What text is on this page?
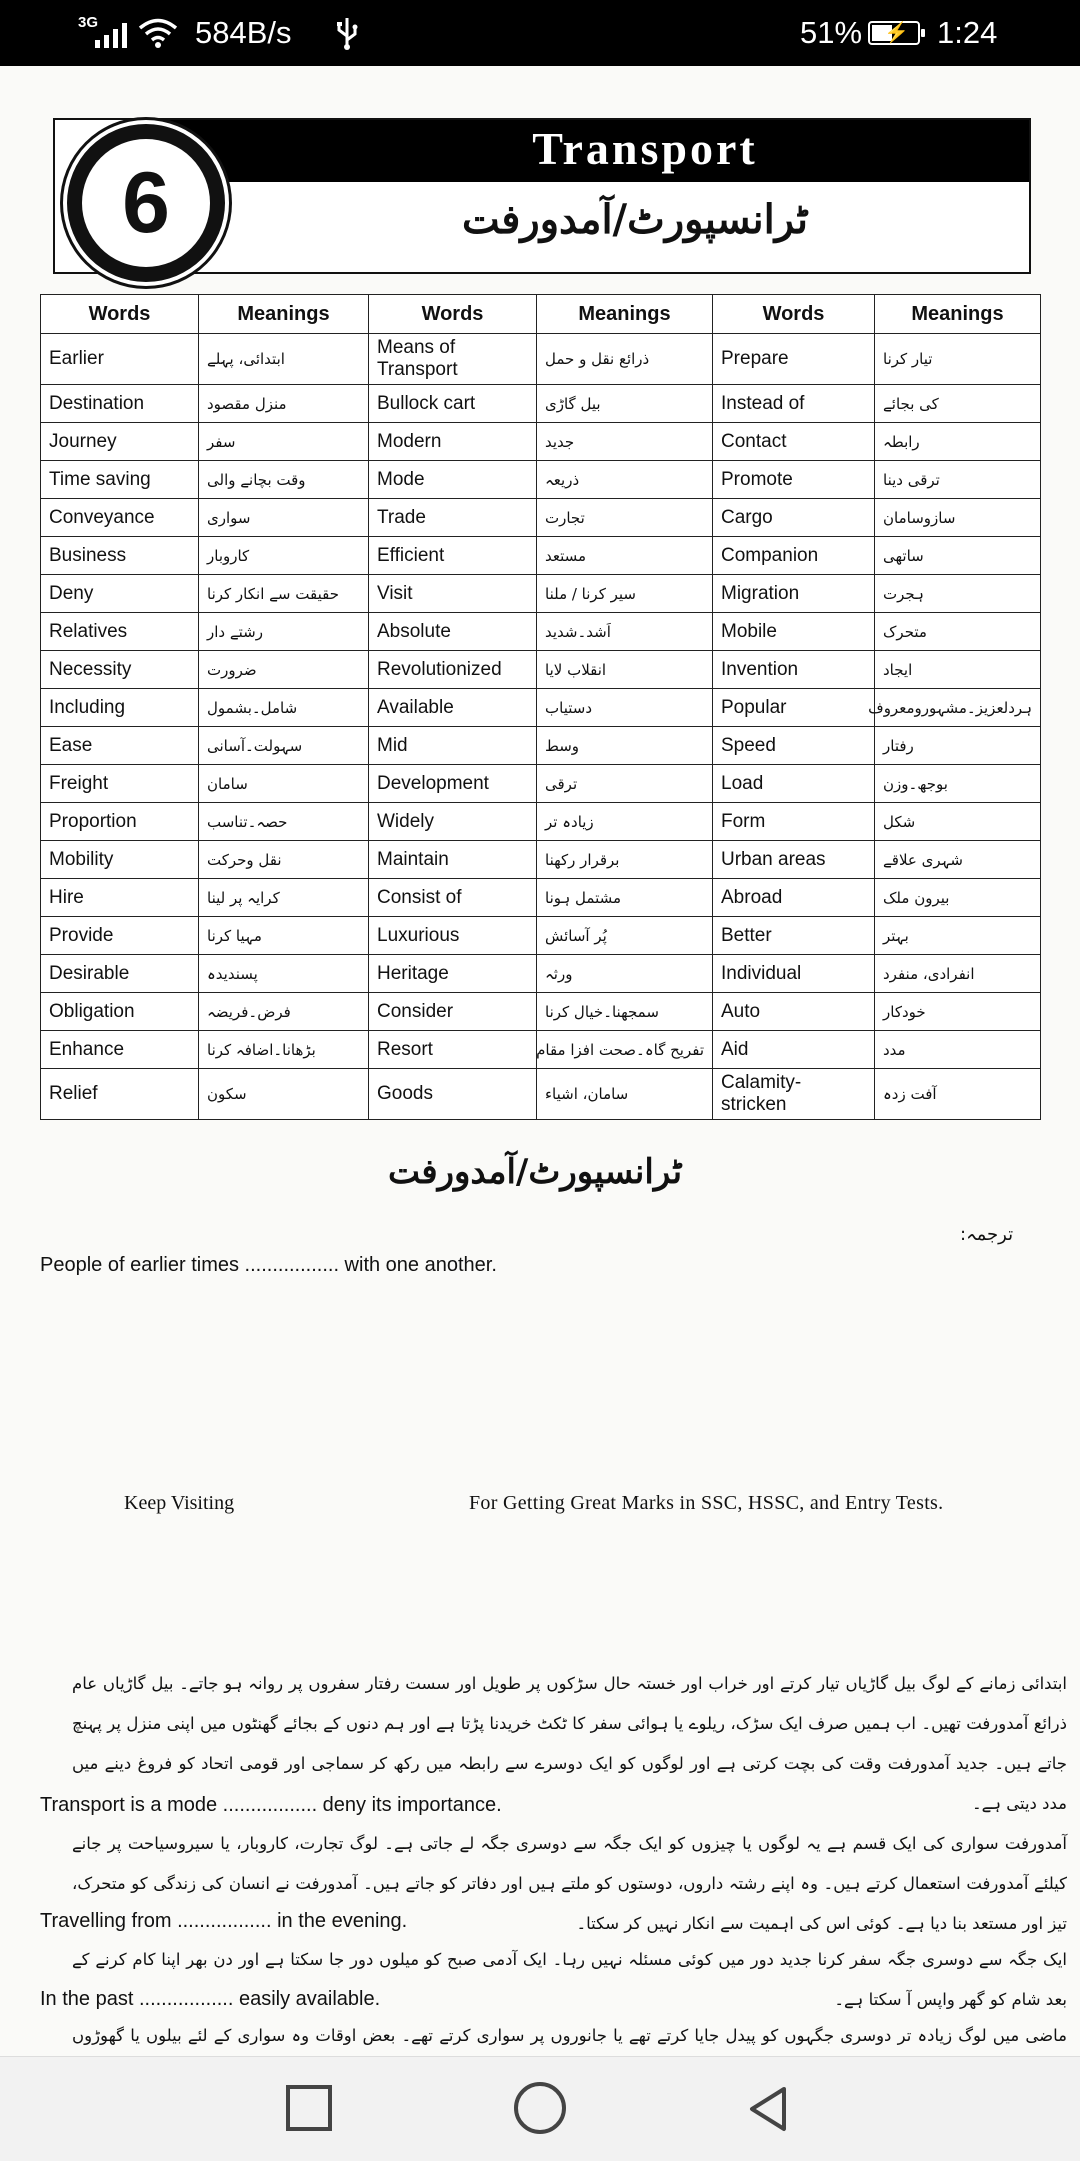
3G	584B/s	51% ⚡ 1:24
Transport
6	ٹرانسپورٹ/آمدورفت
Words	Meanings	Words	Meanings	Words	Meanings
Earlier	ابتدائی، پہلے	Means of Transport	ذرائع نقل و حمل	Prepare	تیار کرنا
Destination	منزل مقصود	Bullock cart	بیل گاڑی	Instead of	کی بجائے
Journey	سفر	Modern	جدید	Contact	رابطہ
Time saving	وقت بچانے والی	Mode	ذریعہ	Promote	ترقی دینا
Conveyance	سواری	Trade	تجارت	Cargo	سازوسامان
Business	کاروبار	Efficient	مستعد	Companion	ساتھی
Deny	حقیقت سے انکار کرنا	Visit	سیر کرنا / ملنا	Migration	ہجرت
Relatives	رشتے دار	Absolute	اَشد۔شدید	Mobile	متحرک
Necessity	ضرورت	Revolutionized	انقلاب لایا	Invention	ایجاد
Including	شامل۔بشمول	Available	دستیاب	Popular	ہردلعزیز۔مشہورومعروف
Ease	سہولت۔آسانی	Mid	وسط	Speed	رفتار
Freight	سامان	Development	ترقی	Load	بوجھ۔وزن
Proportion	حصہ۔تناسب	Widely	زیادہ تر	Form	شکل
Mobility	نقل وحرکت	Maintain	برقرار رکھنا	Urban areas	شہری علاقے
Hire	کرایہ پر لینا	Consist of	مشتمل ہونا	Abroad	بیرون ملک
Provide	مہیا کرنا	Luxurious	پُر آسائش	Better	بہتر
Desirable	پسندیدہ	Heritage	ورثہ	Individual	انفرادی، منفرد
Obligation	فرض۔فریضہ	Consider	سمجھنا۔خیال کرنا	Auto	خودکار
Enhance	بڑھانا۔اضافہ کرنا	Resort	تفریح گاہ۔صحت افزا مقام	Aid	مدد
Relief	سکون	Goods	سامان، اشیاء	Calamity-stricken	آفت زدہ
ٹرانسپورٹ/آمدورفت
ترجمہ:
People of earlier times ................. with one another.
Keep Visiting	For Getting Great Marks in SSC, HSSC, and Entry Tests.
ابتدائی زمانے کے لوگ بیل گاڑیاں تیار کرتے اور خراب اور خستہ حال سڑکوں پر طویل اور سست رفتار سفروں پر روانہ ہو جاتے۔ بیل گاڑیاں عام ذرائع آمدورفت تھیں۔ اب ہمیں صرف ایک سڑک، ریلوے یا ہوائی سفر کا ٹکٹ خریدنا پڑتا ہے اور ہم دنوں کے بجائے گھنٹوں میں اپنی منزل پر پہنچ جاتے ہیں۔ جدید آمدورفت وقت کی بچت کرتی ہے اور لوگوں کو ایک دوسرے سے رابطہ میں رکھ کر سماجی اور قومی اتحاد کو فروغ دینے میں مدد دیتی ہے۔
Transport is a mode ................. deny its importance.
آمدورفت سواری کی ایک قسم ہے یہ لوگوں یا چیزوں کو ایک جگہ سے دوسری جگہ لے جاتی ہے۔ لوگ تجارت، کاروبار، یا سیروسیاحت پر جانے کیلئے آمدورفت استعمال کرتے ہیں۔ وہ اپنے رشتہ داروں، دوستوں کو ملتے ہیں اور دفاتر کو جاتے ہیں۔ آمدورفت نے انسان کی زندگی کو متحرک، تیز اور مستعد بنا دیا ہے۔ کوئی اس کی اہمیت سے انکار نہیں کر سکتا۔
Travelling from ................. in the evening.
ایک جگہ سے دوسری جگہ سفر کرنا جدید دور میں کوئی مسئلہ نہیں رہا۔ ایک آدمی صبح کو میلوں دور جا سکتا ہے اور دن بھر اپنا کام کرنے کے بعد شام کو گھر واپس آ سکتا ہے۔
In the past ................. easily available.
ماضی میں لوگ زیادہ تر دوسری جگہوں کو پیدل جایا کرتے تھے یا جانوروں پر سواری کرتے تھے۔ بعض اوقات وہ سواری کے لئے بیلوں یا گھوڑوں
